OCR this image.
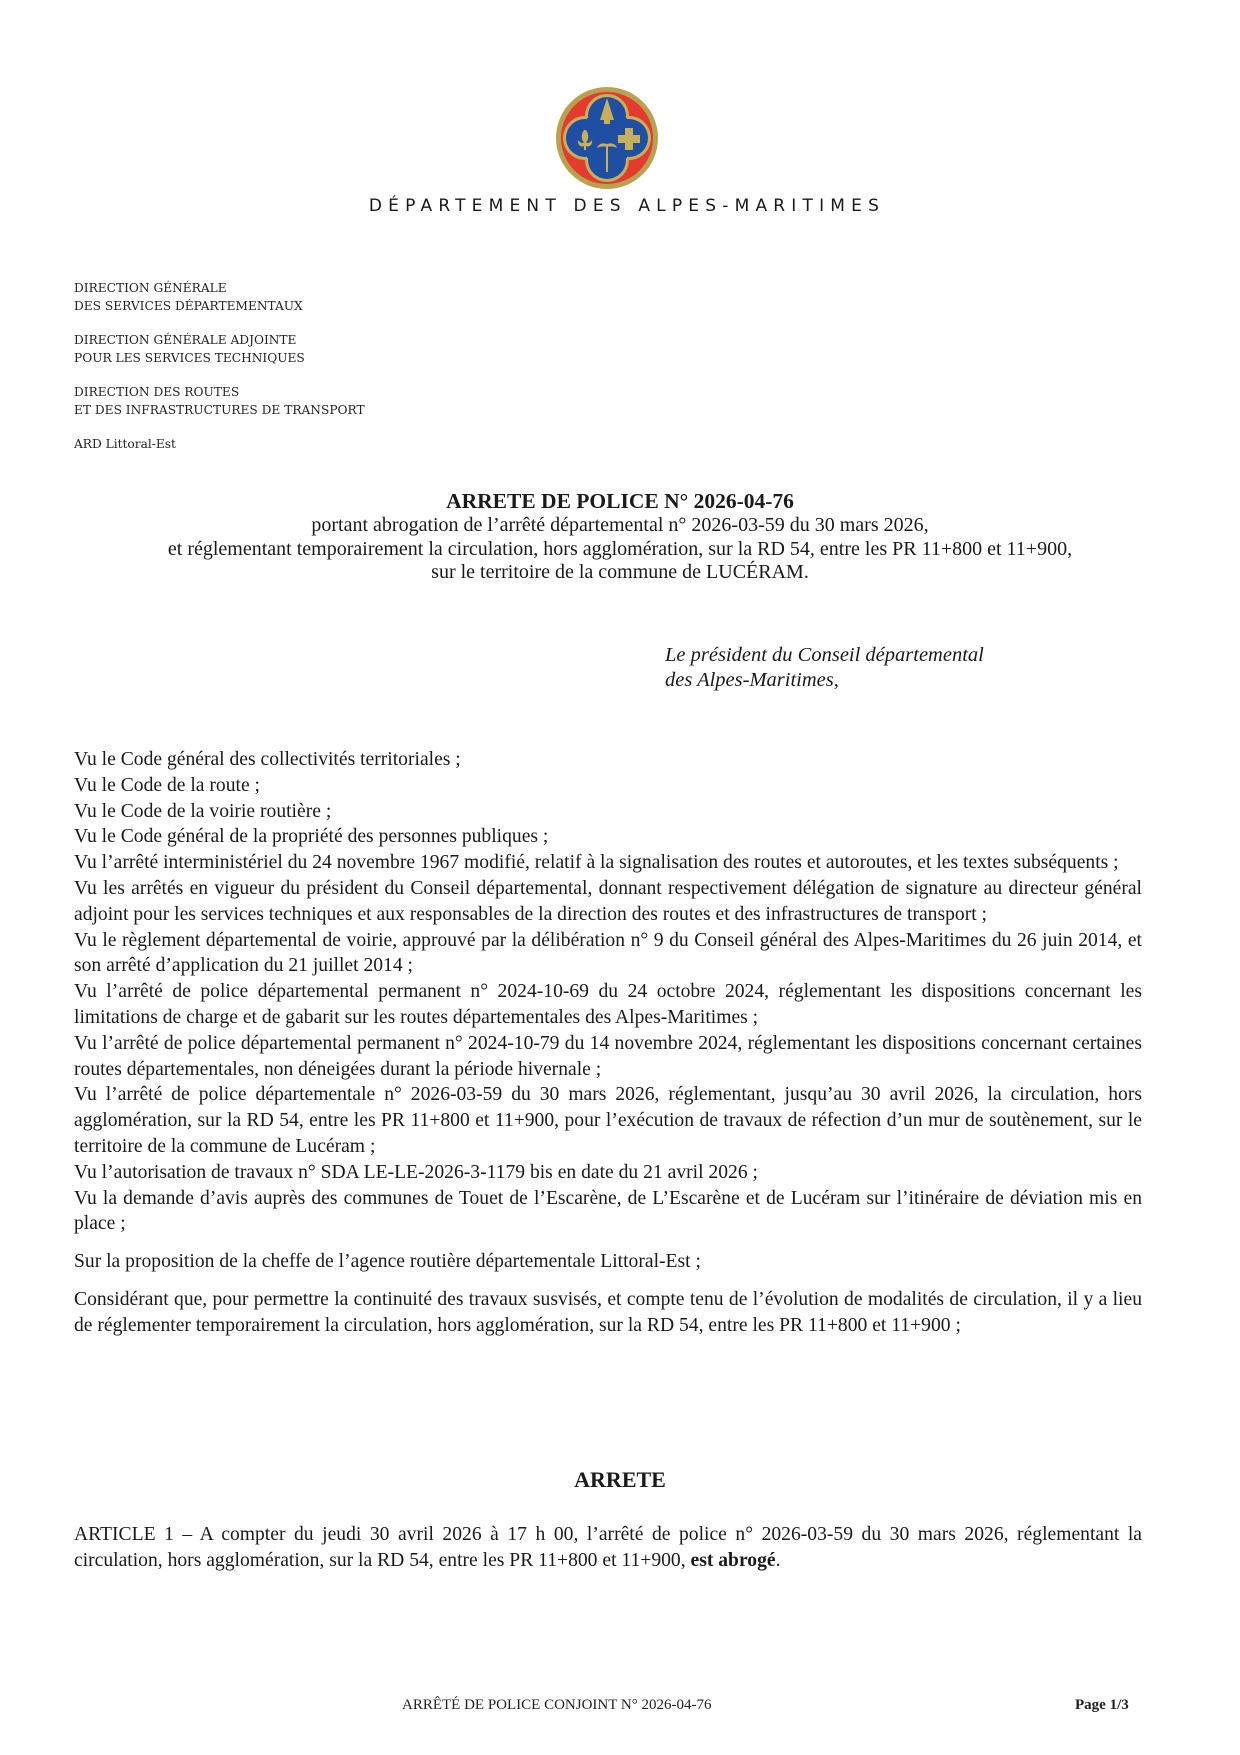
DÉPARTEMENT DES ALPES-MARITIMES
DIRECTION GÉNÉRALE
DES SERVICES DÉPARTEMENTAUX
DIRECTION GÉNÉRALE ADJOINTE
POUR LES SERVICES TECHNIQUES
DIRECTION DES ROUTES
ET DES INFRASTRUCTURES DE TRANSPORT
ARD Littoral-Est
ARRETE DE POLICE N° 2026-04-76
portant abrogation de l’arrêté départemental n° 2026-03-59 du 30 mars 2026,
et réglementant temporairement la circulation, hors agglomération, sur la RD 54, entre les PR 11+800 et 11+900,
sur le territoire de la commune de LUCÉRAM.
Le président du Conseil départemental
des Alpes-Maritimes,

Vu le Code général des collectivités territoriales ;

Vu le Code de la route ;

Vu le Code de la voirie routière ;

Vu le Code général de la propriété des personnes publiques ;

Vu l’arrêté interministériel du 24 novembre 1967 modifié, relatif à la signalisation des routes et autoroutes, et les textes subséquents ;

Vu les arrêtés en vigueur du président du Conseil départemental, donnant respectivement délégation de signature au directeur général adjoint pour les services techniques et aux responsables de la direction des routes et des infrastructures de transport ;

Vu le règlement départemental de voirie, approuvé par la délibération n° 9 du Conseil général des Alpes-Maritimes du 26 juin 2014, et son arrêté d’application du 21 juillet 2014 ;

Vu l’arrêté de police départemental permanent n° 2024-10-69 du 24 octobre 2024, réglementant les dispositions concernant les limitations de charge et de gabarit sur les routes départementales des Alpes-Maritimes ;

Vu l’arrêté de police départemental permanent n° 2024-10-79 du 14 novembre 2024, réglementant les dispositions concernant certaines routes départementales, non déneigées durant la période hivernale ;

Vu l’arrêté de police départementale n° 2026-03-59 du 30 mars 2026, réglementant, jusqu’au 30 avril 2026, la circulation, hors agglomération, sur la RD 54, entre les PR 11+800 et 11+900, pour l’exécution de travaux de réfection d’un mur de soutènement, sur le territoire de la commune de Lucéram ;

Vu l’autorisation de travaux n° SDA LE-LE-2026-3-1179 bis en date du 21 avril 2026 ;

Vu la demande d’avis auprès des communes de Touet de l’Escarène, de L’Escarène et de Lucéram sur l’itinéraire de déviation mis en place ;

Sur la proposition de la cheffe de l’agence routière départementale Littoral-Est ;

Considérant que, pour permettre la continuité des travaux susvisés, et compte tenu de l’évolution de modalités de circulation, il y a lieu de réglementer temporairement la circulation, hors agglomération, sur la RD 54, entre les PR 11+800 et 11+900 ;

ARRETE
ARTICLE 1 – A compter du jeudi 30 avril 2026 à 17 h 00, l’arrêté de police n° 2026-03-59 du 30 mars 2026, réglementant la circulation, hors agglomération, sur la RD 54, entre les PR 11+800 et 11+900, est abrogé.
ARRÊTÉ DE POLICE CONJOINT N° 2026-04-76	Page 1/3
